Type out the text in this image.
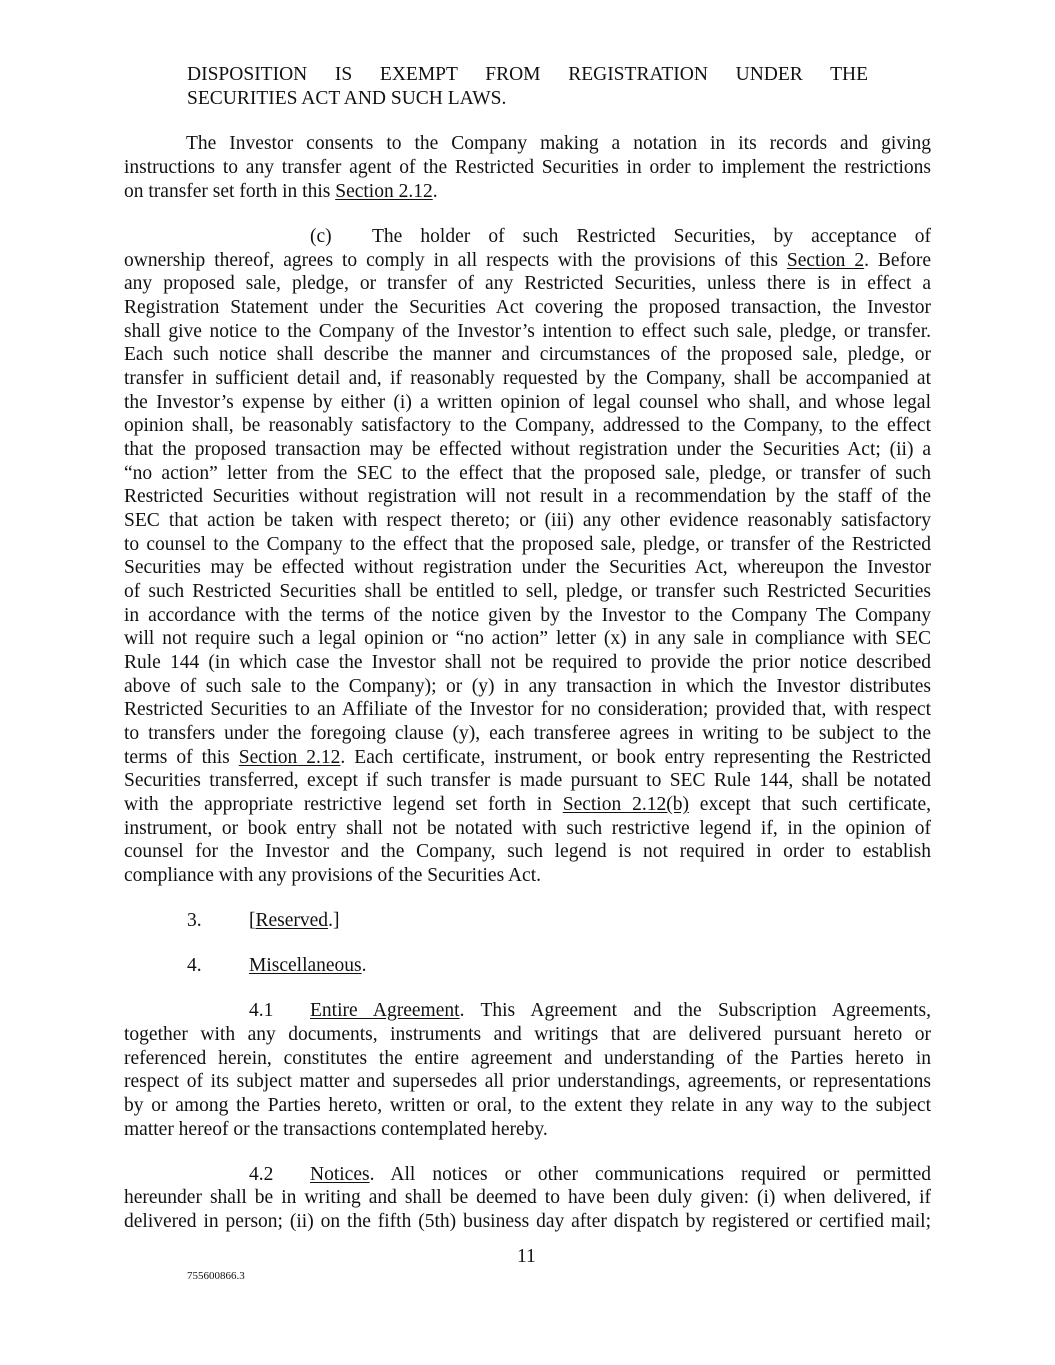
DISPOSITION IS EXEMPT FROM REGISTRATION UNDER THE
SECURITIES ACT AND SUCH LAWS.
The Investor consents to the Company making a notation in its records and giving
instructions to any transfer agent of the Restricted Securities in order to implement the restrictions
on transfer set forth in this Section 2.12.
(c) The holder of such Restricted Securities, by acceptance of
ownership thereof, agrees to comply in all respects with the provisions of this Section 2. Before
any proposed sale, pledge, or transfer of any Restricted Securities, unless there is in effect a
Registration Statement under the Securities Act covering the proposed transaction, the Investor
shall give notice to the Company of the Investor’s intention to effect such sale, pledge, or transfer.
Each such notice shall describe the manner and circumstances of the proposed sale, pledge, or
transfer in sufficient detail and, if reasonably requested by the Company, shall be accompanied at
the Investor’s expense by either (i) a written opinion of legal counsel who shall, and whose legal
opinion shall, be reasonably satisfactory to the Company, addressed to the Company, to the effect
that the proposed transaction may be effected without registration under the Securities Act; (ii) a
“no action” letter from the SEC to the effect that the proposed sale, pledge, or transfer of such
Restricted Securities without registration will not result in a recommendation by the staff of the
SEC that action be taken with respect thereto; or (iii) any other evidence reasonably satisfactory
to counsel to the Company to the effect that the proposed sale, pledge, or transfer of the Restricted
Securities may be effected without registration under the Securities Act, whereupon the Investor
of such Restricted Securities shall be entitled to sell, pledge, or transfer such Restricted Securities
in accordance with the terms of the notice given by the Investor to the Company The Company
will not require such a legal opinion or “no action” letter (x) in any sale in compliance with SEC
Rule 144 (in which case the Investor shall not be required to provide the prior notice described
above of such sale to the Company); or (y) in any transaction in which the Investor distributes
Restricted Securities to an Affiliate of the Investor for no consideration; provided that, with respect
to transfers under the foregoing clause (y), each transferee agrees in writing to be subject to the
terms of this Section 2.12. Each certificate, instrument, or book entry representing the Restricted
Securities transferred, except if such transfer is made pursuant to SEC Rule 144, shall be notated
with the appropriate restrictive legend set forth in Section 2.12(b) except that such certificate,
instrument, or book entry shall not be notated with such restrictive legend if, in the opinion of
counsel for the Investor and the Company, such legend is not required in order to establish
compliance with any provisions of the Securities Act.
3. [Reserved.]
4. Miscellaneous.
4.1 Entire Agreement. This Agreement and the Subscription Agreements,
together with any documents, instruments and writings that are delivered pursuant hereto or
referenced herein, constitutes the entire agreement and understanding of the Parties hereto in
respect of its subject matter and supersedes all prior understandings, agreements, or representations
by or among the Parties hereto, written or oral, to the extent they relate in any way to the subject
matter hereof or the transactions contemplated hereby.
4.2 Notices. All notices or other communications required or permitted
hereunder shall be in writing and shall be deemed to have been duly given: (i) when delivered, if
delivered in person; (ii) on the fifth (5th) business day after dispatch by registered or certified mail;
11
755600866.3
